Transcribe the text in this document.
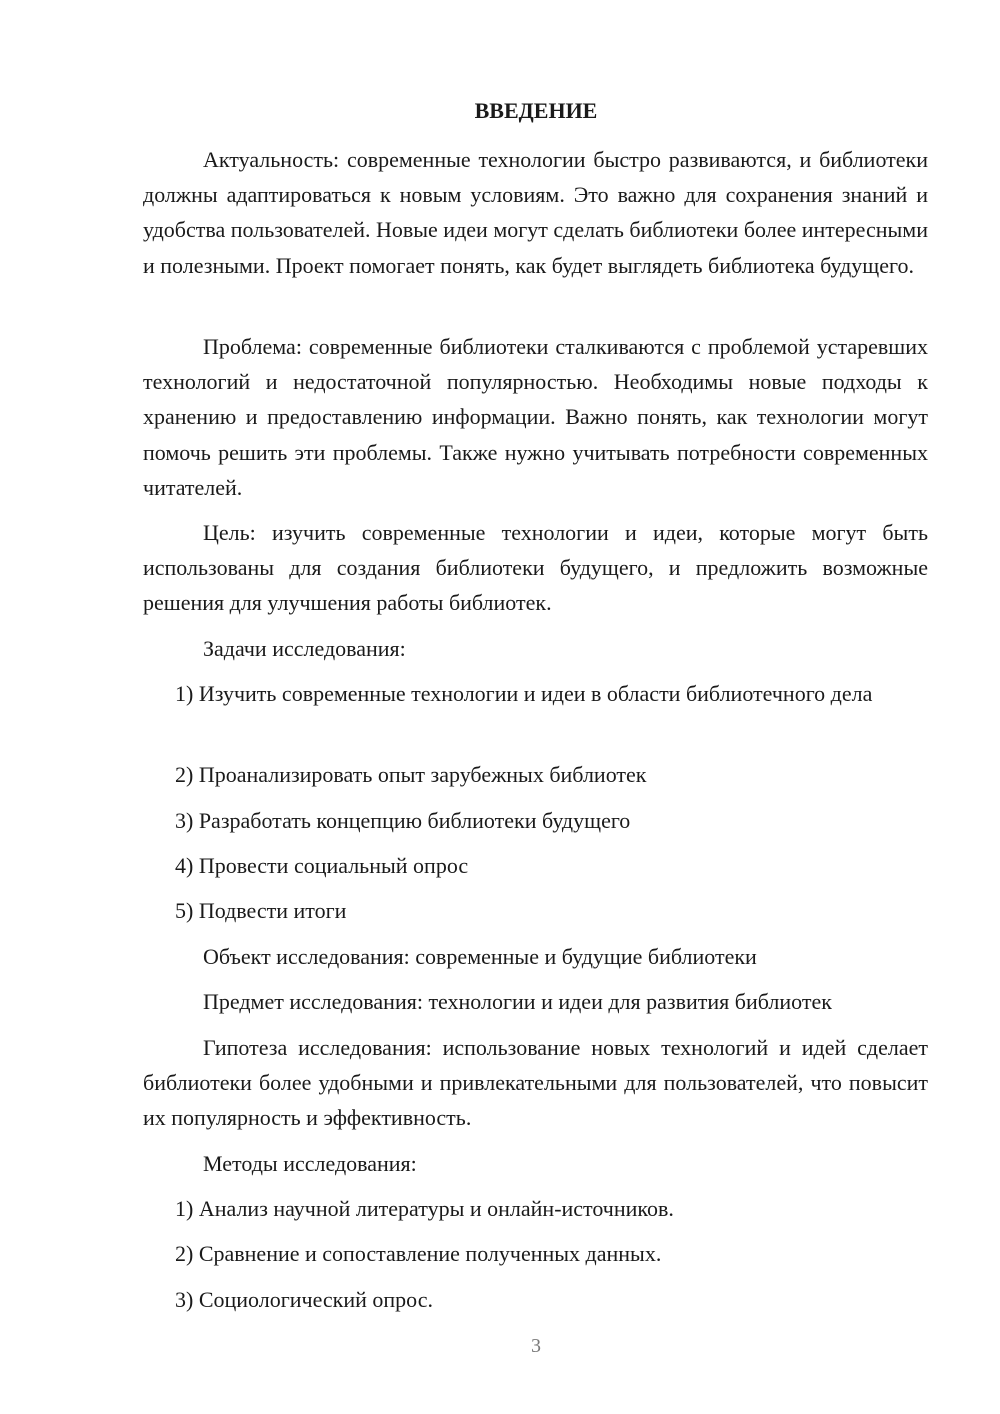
ВВЕДЕНИЕ

Актуальность: современные технологии быстро развиваются, и библиотеки должны адаптироваться к новым условиям. Это важно для сохранения знаний и удобства пользователей. Новые идеи могут сделать библиотеки более интересными и полезными. Проект помогает понять, как будет выглядеть библиотека будущего.

Проблема: современные библиотеки сталкиваются с проблемой устаревших технологий и недостаточной популярностью. Необходимы новые подходы к хранению и предоставлению информации. Важно понять, как технологии могут помочь решить эти проблемы. Также нужно учитывать потребности современных читателей.

Цель: изучить современные технологии и идеи, которые могут быть использованы для создания библиотеки будущего, и предложить возможные решения для улучшения работы библиотек.

Задачи исследования:

1) Изучить современные технологии и идеи в области библиотечного дела

2) Проанализировать опыт зарубежных библиотек

3) Разработать концепцию библиотеки будущего

4) Провести социальный опрос

5) Подвести итоги

Объект исследования: современные и будущие библиотеки

Предмет исследования: технологии и идеи для развития библиотек

Гипотеза исследования: использование новых технологий и идей сделает библиотеки более удобными и привлекательными для пользователей, что повысит их популярность и эффективность.

Методы исследования:

1) Анализ научной литературы и онлайн-источников.

2) Сравнение и сопоставление полученных данных.

3) Социологический опрос.

3
